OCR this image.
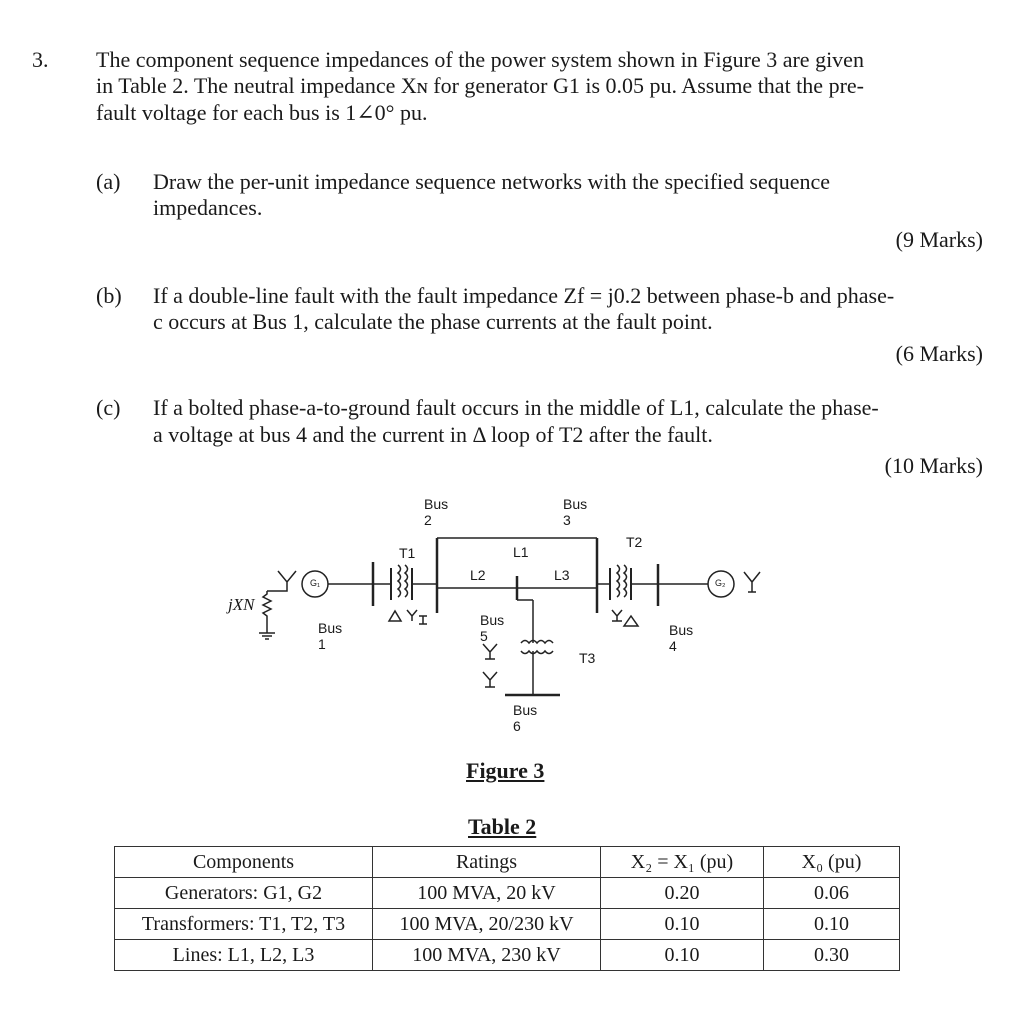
3. The component sequence impedances of the power system shown in Figure 3 are given
in Table 2. The neutral impedance Xɴ for generator G1 is 0.05 pu. Assume that the pre-
fault voltage for each bus is 1∠0° pu.
(a) Draw the per-unit impedance sequence networks with the specified sequence
impedances.
(9 Marks)
(b) If a double-line fault with the fault impedance Zf = j0.2 between phase-b and phase-
c occurs at Bus 1, calculate the phase currents at the fault point.
(6 Marks)
(c) If a bolted phase-a-to-ground fault occurs in the middle of L1, calculate the phase-
a voltage at bus 4 and the current in Δ loop of T2 after the fault.
(10 Marks)
Bus 2
Bus 3
T1
T2
L1
L2	L3
G₁	G₂
jXN
Bus 1
Bus 5	Bus 4
T3
Bus 6
Figure 3
Table 2
Components	Ratings	X₂ = X₁ (pu)	X₀ (pu)
Generators: G1, G2	100 MVA, 20 kV	0.20	0.06
Transformers: T1, T2, T3	100 MVA, 20/230 kV	0.10	0.10
Lines: L1, L2, L3	100 MVA, 230 kV	0.10	0.30
